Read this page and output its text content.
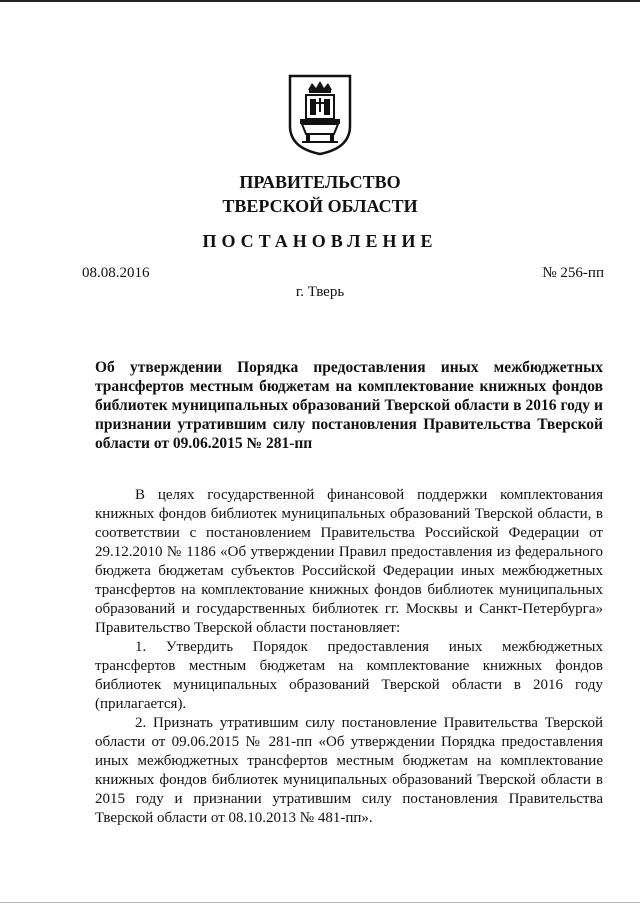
ПРАВИТЕЛЬСТВО
ТВЕРСКОЙ ОБЛАСТИ
ПОСТАНОВЛЕНИЕ
08.08.2016	№ 256-пп
г. Тверь
Об утверждении Порядка предоставления иных межбюджетных трансфертов местным бюджетам на комплектование книжных фондов библиотек муниципальных образований Тверской области в 2016 году и признании утратившим силу постановления Правительства Тверской области от 09.06.2015 № 281-пп

В целях государственной финансовой поддержки комплектования книжных фондов библиотек муниципальных образований Тверской области, в соответствии с постановлением Правительства Российской Федерации от 29.12.2010 № 1186 «Об утверждении Правил предоставления из федерального бюджета бюджетам субъектов Российской Федерации иных межбюджетных трансфертов на комплектование книжных фондов библиотек муниципальных образований и государственных библиотек гг. Москвы и Санкт-Петербурга» Правительство Тверской области постановляет:

1. Утвердить Порядок предоставления иных межбюджетных трансфертов местным бюджетам на комплектование книжных фондов библиотек муниципальных образований Тверской области в 2016 году (прилагается).

2. Признать утратившим силу постановление Правительства Тверской области от 09.06.2015 № 281-пп «Об утверждении Порядка предоставления иных межбюджетных трансфертов местным бюджетам на комплектование книжных фондов библиотек муниципальных образований Тверской области в 2015 году и признании утратившим силу постановления Правительства Тверской области от 08.10.2013 № 481-пп».
